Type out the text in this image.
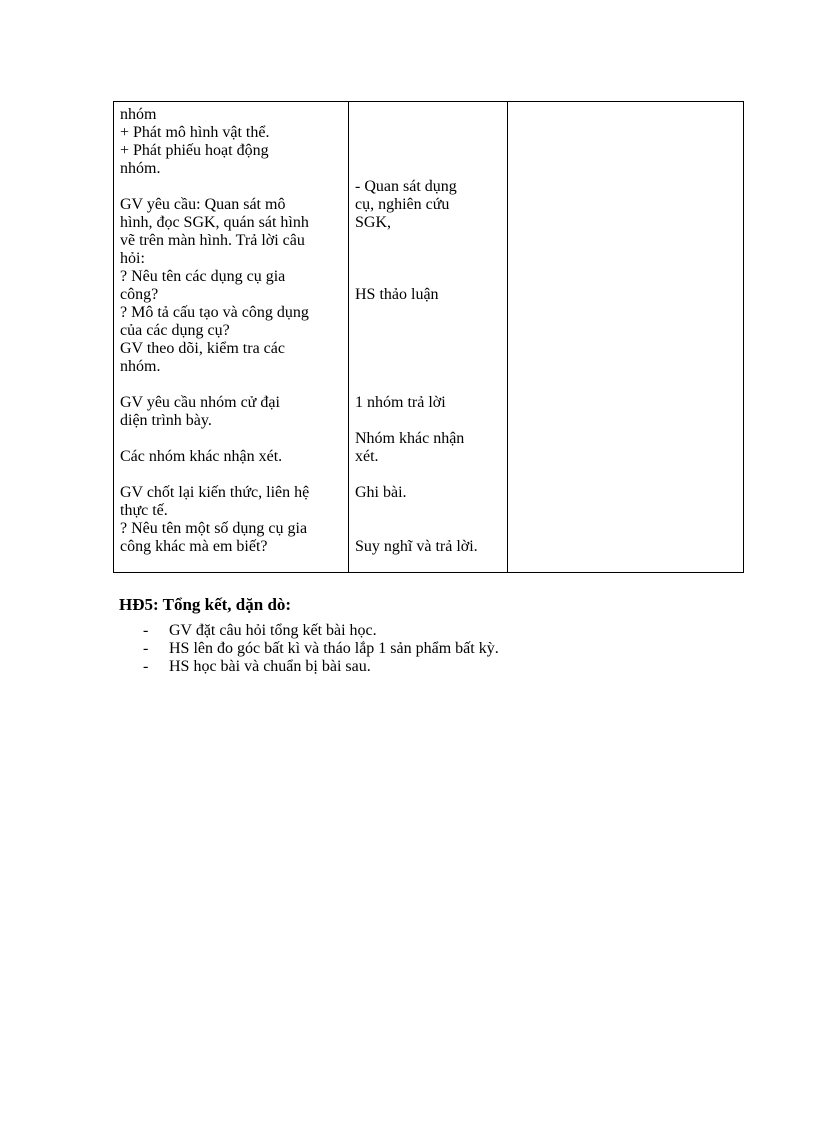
nhóm
+ Phát mô hình vật thể.
+ Phát phiếu hoạt động
nhóm.
GV yêu cầu: Quan sát mô
hình, đọc SGK, quán sát hình
vẽ trên màn hình. Trả lời câu
hỏi:
? Nêu tên các dụng cụ gia
công?
? Mô tả cấu tạo và công dụng
của các dụng cụ?
GV theo dõi, kiểm tra các
nhóm.
GV yêu cầu nhóm cử đại
diện trình bày.
Các nhóm khác nhận xét.
GV chốt lại kiến thức, liên hệ
thực tế.
? Nêu tên một số dụng cụ gia
công khác mà em biết?
- Quan sát dụng
cụ, nghiên cứu
SGK,
HS thảo luận
1 nhóm trả lời
Nhóm khác nhận
xét.
Ghi bài.
Suy nghĩ và trả lời.
HĐ5: Tổng kết, dặn dò:
- GV đặt câu hỏi tổng kết bài học.
- HS lên đo góc bất kì và tháo lắp 1 sản phẩm bất kỳ.
- HS học bài và chuẩn bị bài sau.
